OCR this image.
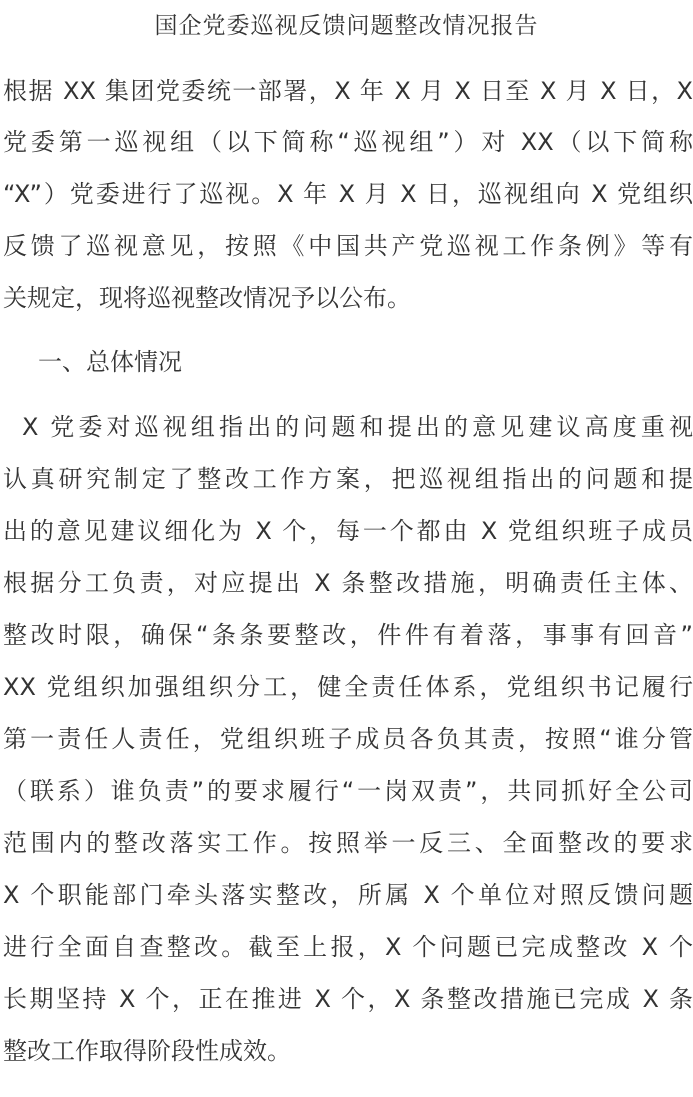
国企党委巡视反馈问题整改情况报告
根据 XX 集团党委统一部署，X 年 X 月 X 日至 X 月 X 日，X
党委第一巡视组（以下简称“巡视组”）对 XX（以下简称
“X”）党委进行了巡视。X 年 X 月 X 日，巡视组向 X 党组织
反馈了巡视意见，按照《中国共产党巡视工作条例》等有
关规定，现将巡视整改情况予以公布。
一、总体情况
X 党委对巡视组指出的问题和提出的意见建议高度重视
认真研究制定了整改工作方案，把巡视组指出的问题和提
出的意见建议细化为 X 个，每一个都由 X 党组织班子成员
根据分工负责，对应提出 X 条整改措施，明确责任主体、
整改时限，确保“条条要整改，件件有着落，事事有回音”
XX 党组织加强组织分工，健全责任体系，党组织书记履行
第一责任人责任，党组织班子成员各负其责，按照“谁分管
（联系）谁负责”的要求履行“一岗双责”，共同抓好全公司
范围内的整改落实工作。按照举一反三、全面整改的要求
X 个职能部门牵头落实整改，所属 X 个单位对照反馈问题
进行全面自查整改。截至上报，X 个问题已完成整改 X 个
长期坚持 X 个，正在推进 X 个，X 条整改措施已完成 X 条
整改工作取得阶段性成效。
